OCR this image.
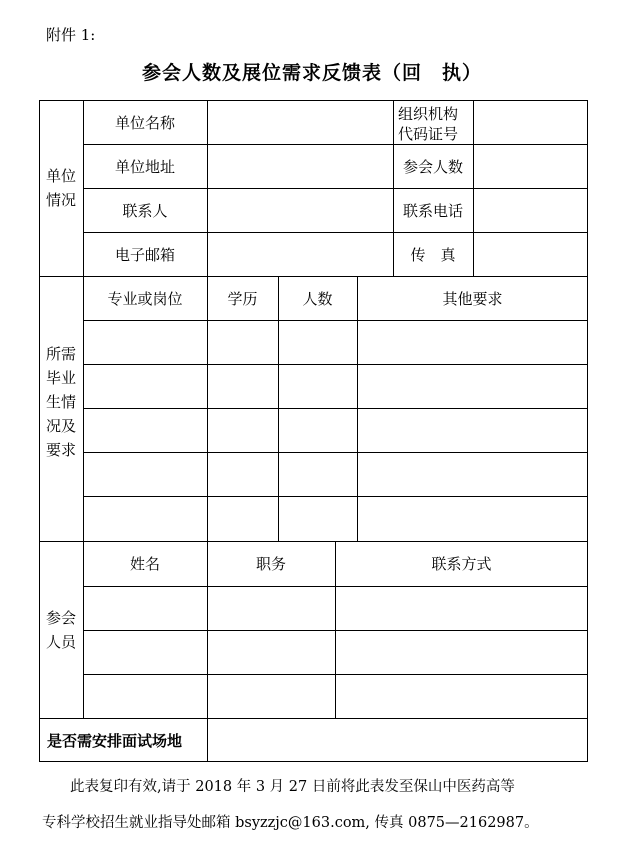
附件 1:
参会人数及展位需求反馈表（回　执）
单位
情况
单位名称	组织机构
代码证号
单位地址	参会人数
联系人	联系电话
电子邮箱	传　真
所需
毕业
生情
况及
要求
专业或岗位	学历	人数	其他要求
参会
人员
姓名	职务	联系方式
是否需安排面试场地
此表复印有效,请于 2018 年 3 月 27 日前将此表发至保山中医药高等
专科学校招生就业指导处邮箱 bsyzzjc@163.com, 传真 0875—2162987。
